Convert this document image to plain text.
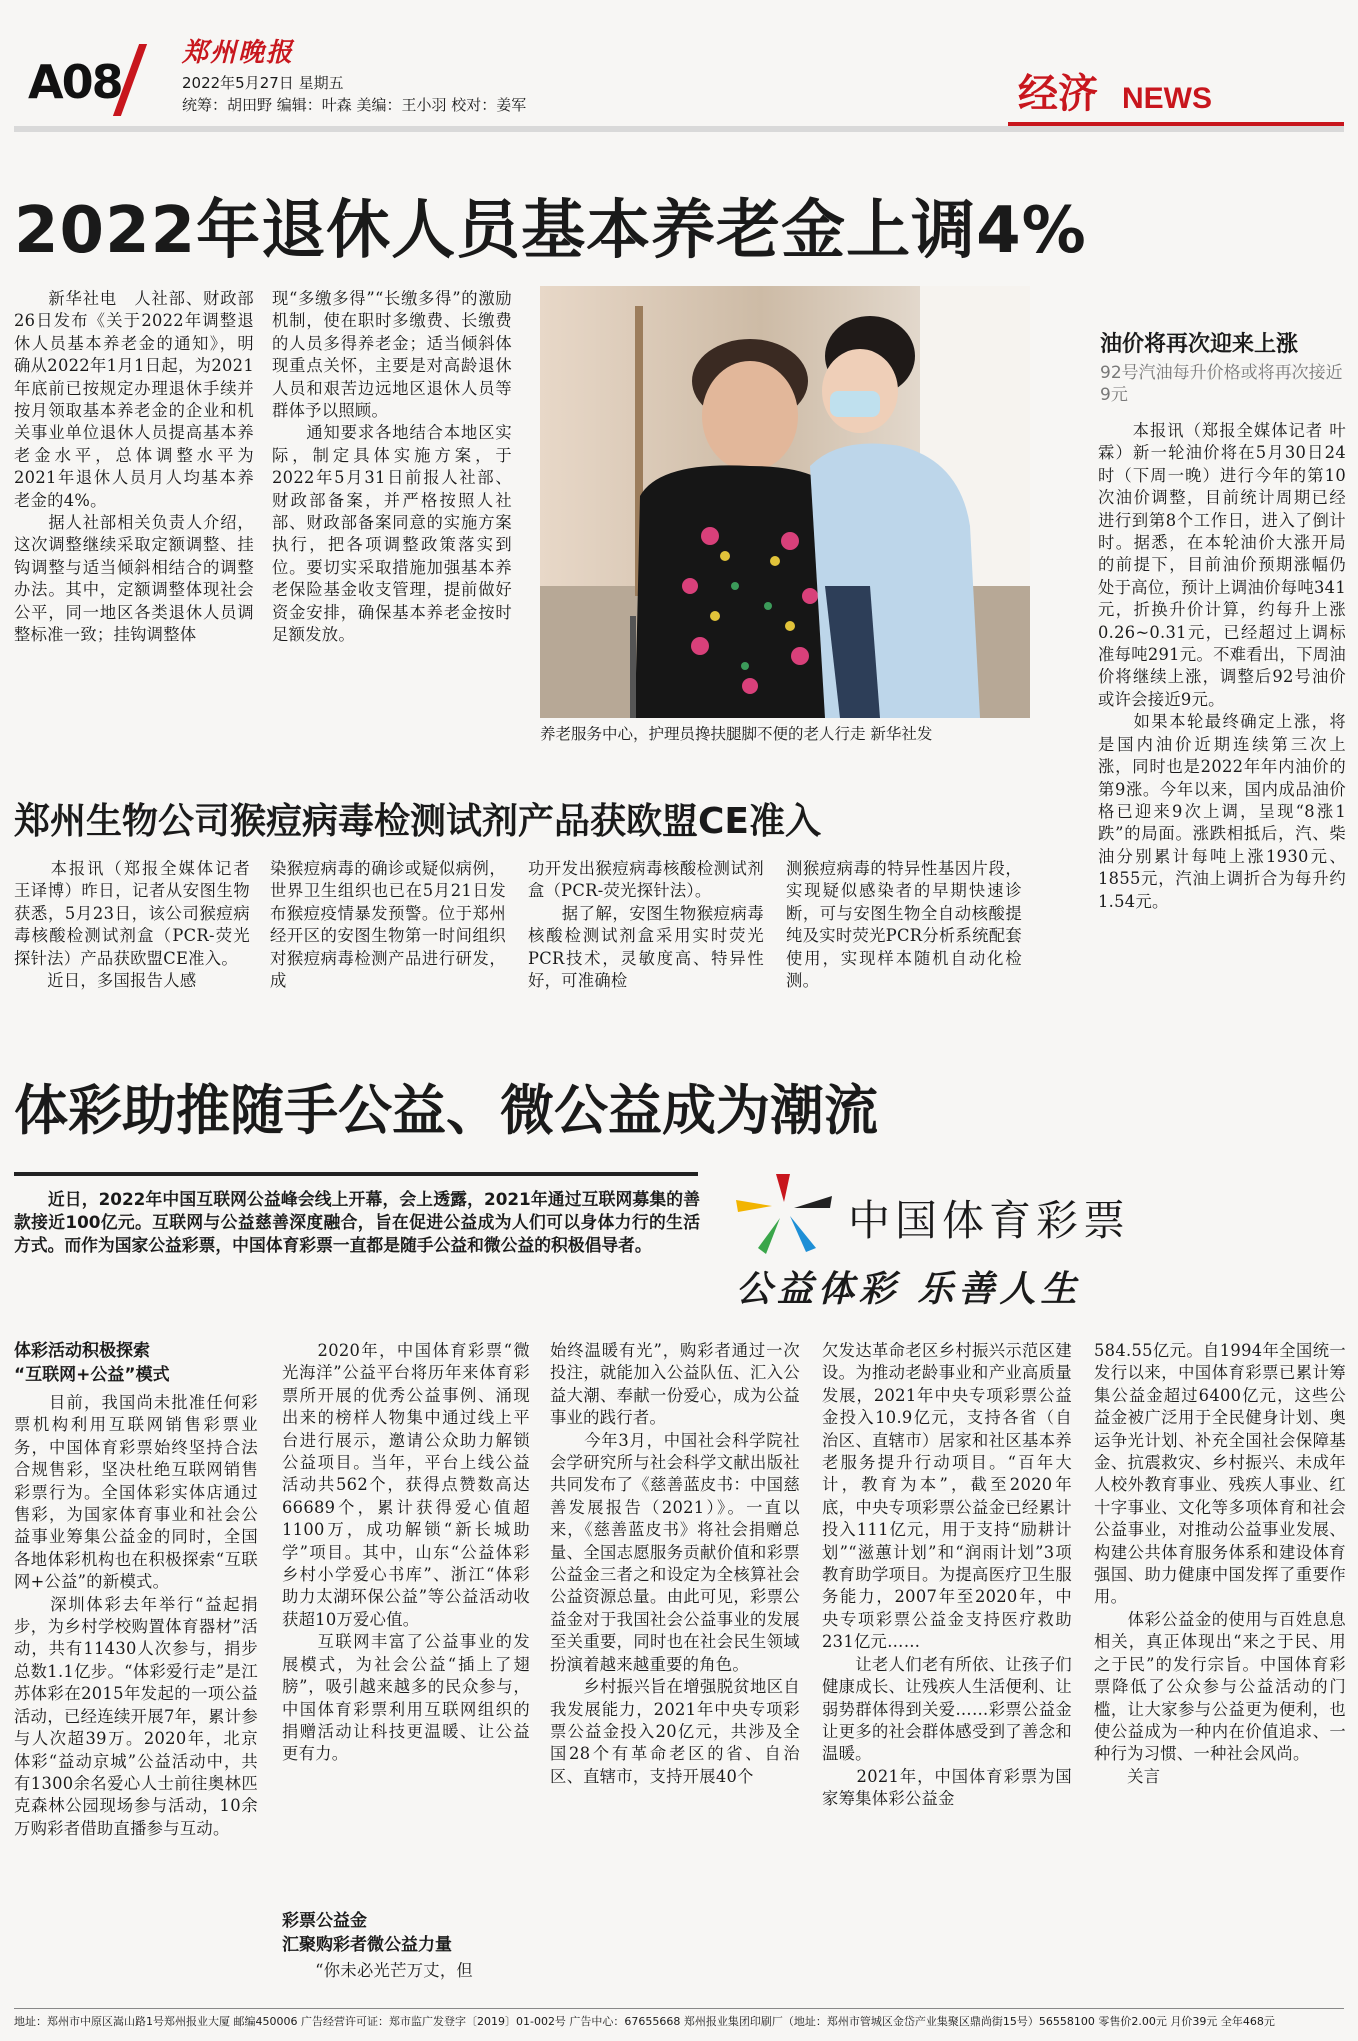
A08
郑州晚报
2022年5月27日 星期五
统筹：胡田野 编辑：叶森 美编：王小羽 校对：姜军	经济 NEWS
2022年退休人员基本养老金上调4%
　　新华社电　人社部、财政部26日发布《关于2022年调整退休人员基本养老金的通知》，明确从2022年1月1日起，为2021年底前已按规定办理退休手续并按月领取基本养老金的企业和机关事业单位退休人员提高基本养老金水平，总体调整水平为2021年退休人员月人均基本养老金的4%。
　　据人社部相关负责人介绍，这次调整继续采取定额调整、挂钩调整与适当倾斜相结合的调整办法。其中，定额调整体现社会公平，同一地区各类退休人员调整标准一致；挂钩调整体
现“多缴多得”“长缴多得”的激励机制，使在职时多缴费、长缴费的人员多得养老金；适当倾斜体现重点关怀，主要是对高龄退休人员和艰苦边远地区退休人员等群体予以照顾。
　　通知要求各地结合本地区实际，制定具体实施方案，于2022年5月31日前报人社部、财政部备案，并严格按照人社部、财政部备案同意的实施方案执行，把各项调整政策落实到位。要切实采取措施加强基本养老保险基金收支管理，提前做好资金安排，确保基本养老金按时足额发放。
养老服务中心，护理员搀扶腿脚不便的老人行走 新华社发
油价将再次迎来上涨
92号汽油每升价格或将再次接近9元
　　本报讯（郑报全媒体记者 叶霖）新一轮油价将在5月30日24时（下周一晚）进行今年的第10次油价调整，目前统计周期已经进行到第8个工作日，进入了倒计时。据悉，在本轮油价大涨开局的前提下，目前油价预期涨幅仍处于高位，预计上调油价每吨341元，折换升价计算，约每升上涨0.26~0.31元，已经超过上调标准每吨291元。不难看出，下周油价将继续上涨，调整后92号油价或许会接近9元。
　　如果本轮最终确定上涨，将是国内油价近期连续第三次上涨，同时也是2022年年内油价的第9涨。今年以来，国内成品油价格已迎来9次上调，呈现“8涨1跌”的局面。涨跌相抵后，汽、柴油分别累计每吨上涨1930元、1855元，汽油上调折合为每升约1.54元。
郑州生物公司猴痘病毒检测试剂产品获欧盟CE准入
　　本报讯（郑报全媒体记者 王译博）昨日，记者从安图生物获悉，5月23日，该公司猴痘病毒核酸检测试剂盒（PCR-荧光探针法）产品获欧盟CE准入。
　　近日，多国报告人感
染猴痘病毒的确诊或疑似病例，世界卫生组织也已在5月21日发布猴痘疫情暴发预警。位于郑州经开区的安图生物第一时间组织对猴痘病毒检测产品进行研发，成
功开发出猴痘病毒核酸检测试剂盒（PCR-荧光探针法）。
　　据了解，安图生物猴痘病毒核酸检测试剂盒采用实时荧光PCR技术，灵敏度高、特异性好，可准确检
测猴痘病毒的特异性基因片段，实现疑似感染者的早期快速诊断，可与安图生物全自动核酸提纯及实时荧光PCR分析系统配套使用，实现样本随机自动化检测。
体彩助推随手公益、微公益成为潮流
　　近日，2022年中国互联网公益峰会线上开幕，会上透露，2021年通过互联网募集的善款接近100亿元。互联网与公益慈善深度融合，旨在促进公益成为人们可以身体力行的生活方式。而作为国家公益彩票，中国体育彩票一直都是随手公益和微公益的积极倡导者。	中国体育彩票
公益体彩 乐善人生
体彩活动积极探索
“互联网+公益”模式
　　目前，我国尚未批准任何彩票机构利用互联网销售彩票业务，中国体育彩票始终坚持合法合规售彩，坚决杜绝互联网销售彩票行为。全国体彩实体店通过售彩，为国家体育事业和社会公益事业筹集公益金的同时，全国各地体彩机构也在积极探索“互联网+公益”的新模式。
　　深圳体彩去年举行“益起捐步，为乡村学校购置体育器材”活动，共有11430人次参与，捐步总数1.1亿步。“体彩爱行走”是江苏体彩在2015年发起的一项公益活动，已经连续开展7年，累计参与人次超39万。2020年，北京体彩“益动京城”公益活动中，共有1300余名爱心人士前往奥林匹克森林公园现场参与活动，10余万购彩者借助直播参与互动。
　　2020年，中国体育彩票“微光海洋”公益平台将历年来体育彩票所开展的优秀公益事例、涌现出来的榜样人物集中通过线上平台进行展示，邀请公众助力解锁公益项目。当年，平台上线公益活动共562个，获得点赞数高达66689个，累计获得爱心值超1100万，成功解锁“新长城助学”项目。其中，山东“公益体彩乡村小学爱心书库”、浙江“体彩助力太湖环保公益”等公益活动收获超10万爱心值。
　　互联网丰富了公益事业的发展模式，为社会公益“插上了翅膀”，吸引越来越多的民众参与，中国体育彩票利用互联网组织的捐赠活动让科技更温暖、让公益更有力。
彩票公益金
汇聚购彩者微公益力量
　　“你未必光芒万丈，但
始终温暖有光”，购彩者通过一次投注，就能加入公益队伍、汇入公益大潮、奉献一份爱心，成为公益事业的践行者。
　　今年3月，中国社会科学院社会学研究所与社会科学文献出版社共同发布了《慈善蓝皮书：中国慈善发展报告（2021）》。一直以来，《慈善蓝皮书》将社会捐赠总量、全国志愿服务贡献价值和彩票公益金三者之和设定为全核算社会公益资源总量。由此可见，彩票公益金对于我国社会公益事业的发展至关重要，同时也在社会民生领域扮演着越来越重要的角色。
　　乡村振兴旨在增强脱贫地区自我发展能力，2021年中央专项彩票公益金投入20亿元，共涉及全国28个有革命老区的省、自治区、直辖市，支持开展40个
欠发达革命老区乡村振兴示范区建设。为推动老龄事业和产业高质量发展，2021年中央专项彩票公益金投入10.9亿元，支持各省（自治区、直辖市）居家和社区基本养老服务提升行动项目。“百年大计，教育为本”，截至2020年底，中央专项彩票公益金已经累计投入111亿元，用于支持“励耕计划”“滋蕙计划”和“润雨计划”3项教育助学项目。为提高医疗卫生服务能力，2007年至2020年，中央专项彩票公益金支持医疗救助231亿元……
　　让老人们老有所依、让孩子们健康成长、让残疾人生活便利、让弱势群体得到关爱……彩票公益金让更多的社会群体感受到了善念和温暖。
　　2021年，中国体育彩票为国家筹集体彩公益金
584.55亿元。自1994年全国统一发行以来，中国体育彩票已累计筹集公益金超过6400亿元，这些公益金被广泛用于全民健身计划、奥运争光计划、补充全国社会保障基金、抗震救灾、乡村振兴、未成年人校外教育事业、残疾人事业、红十字事业、文化等多项体育和社会公益事业，对推动公益事业发展、构建公共体育服务体系和建设体育强国、助力健康中国发挥了重要作用。
　　体彩公益金的使用与百姓息息相关，真正体现出“来之于民、用之于民”的发行宗旨。中国体育彩票降低了公众参与公益活动的门槛，让大家参与公益更为便利，也使公益成为一种内在价值追求、一种行为习惯、一种社会风尚。
　　关言
地址：郑州市中原区嵩山路1号郑州报业大厦 邮编450006 广告经营许可证：郑市监广发登字〔2019〕01-002号 广告中心：67655668 郑州报业集团印刷厂（地址：郑州市管城区金岱产业集聚区鼎尚街15号）56558100 零售价2.00元 月价39元 全年468元
